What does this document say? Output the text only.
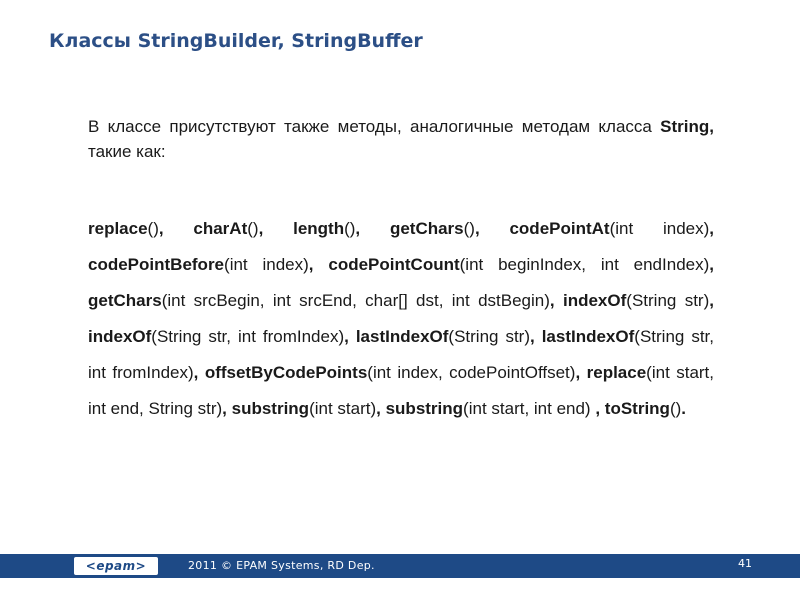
Классы StringBuilder, StringBuffer
В классе присутствуют также методы, аналогичные методам класса String, такие как:
replace(), charAt(), length(), getChars(), codePointAt(int index), codePointBefore(int index), codePointCount(int beginIndex, int endIndex), getChars(int srcBegin, int srcEnd, char[] dst, int dstBegin), indexOf(String str), indexOf(String str, int fromIndex), lastIndexOf(String str), lastIndexOf(String str, int fromIndex), offsetByCodePoints(int index, codePointOffset), replace(int start, int end, String str), substring(int start), substring(int start, int end) , toString().
<epam>	2011 © EPAM Systems, RD Dep.	41
